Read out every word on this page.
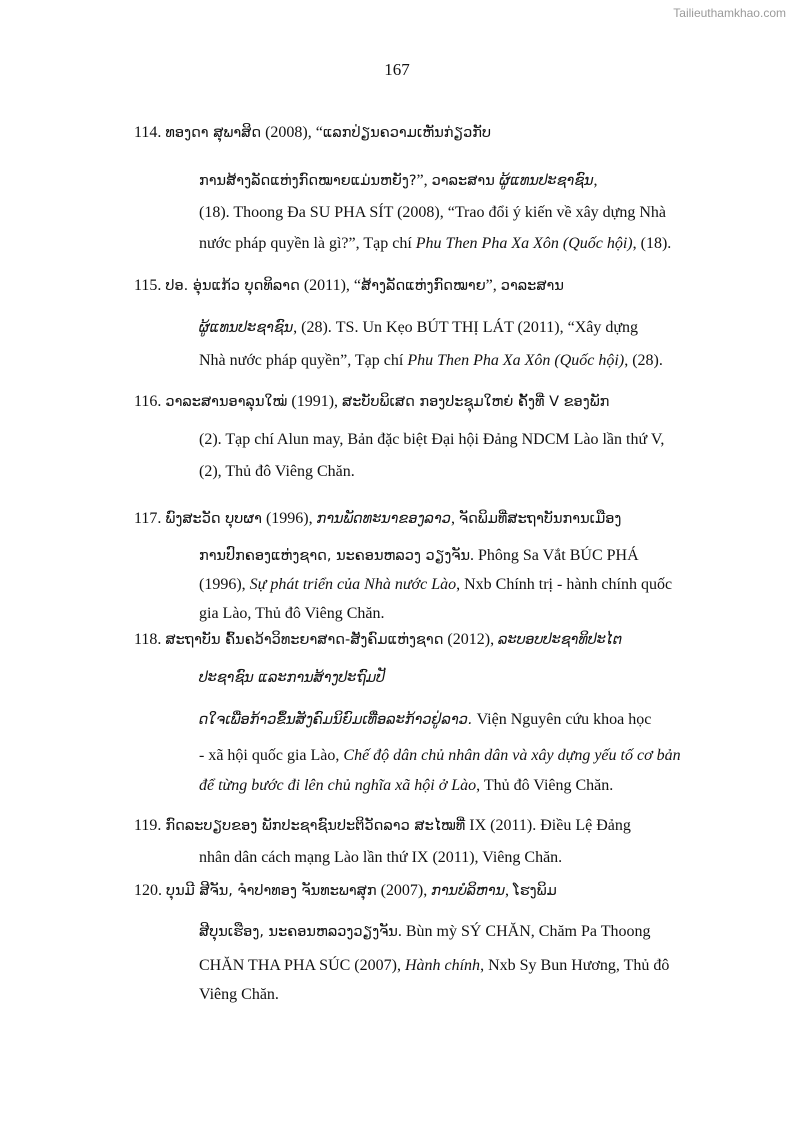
Tailieuthamkhao.com
167
114. ທອງດາ ສຸພາສິດ (2008), “ແລກປ່ຽນຄວາມເຫັນກ່ຽວກັບ
ການສ້າງລັດແຫ່ງກົດໝາຍແມ່ນຫຍັງ?”, ວາລະສານ ຜູ້ແທນປະຊາຊົນ,
(18). Thoong Đa SU PHA SÍT (2008), “Trao đổi ý kiến về xây dựng Nhà
nước pháp quyền là gì?”, Tạp chí Phu Then Pha Xa Xôn (Quốc hội), (18).
115. ປອ. ອຸ່ນແກ້ວ ບຸດທິລາດ (2011), “ສ້າງລັດແຫ່ງກົດໝາຍ”, ວາລະສານ
ຜູ້ແທນປະຊາຊົນ, (28). TS. Un Kẹo BÚT THỊ LÁT (2011), “Xây dựng
Nhà nước pháp quyền”, Tạp chí Phu Then Pha Xa Xôn (Quốc hội), (28).
116. ວາລະສານອາລຸນໃໝ່ (1991), ສະບັບພິເສດ ກອງປະຊຸມໃຫຍ່ ຄັ້ງທີ່ V ຂອງພັກ
(2). Tạp chí Alun may, Bản đặc biệt Đại hội Đảng NDCM Lào lần thứ V,
(2), Thủ đô Viêng Chăn.
117. ພົງສະວັດ ບຸບຜາ (1996), ການພັດທະນາຂອງລາວ, ຈັດພິມທີ່ສະຖາບັນການເມືອງ
ການປົກຄອງແຫ່ງຊາດ, ນະຄອນຫລວງ ວຽງຈັນ. Phông Sa Vắt BÚC PHÁ
(1996), Sự phát triển của Nhà nước Lào, Nxb Chính trị - hành chính quốc
gia Lào, Thủ đô Viêng Chăn.
118. ສະຖາບັນ ຄົ້ນຄວ້າວິທະຍາສາດ-ສັງຄົມແຫ່ງຊາດ (2012), ລະບອບປະຊາທິປະໄຕ
ປະຊາຊົນ ແລະການສ້າງປະຖົມປັ
ດໃຈເພື່ອກ້າວຂຶ້ນສັງຄົມນິຍົມເທື່ອລະກ້າວຢູ່ລາວ. Viện Nguyên cứu khoa học
- xã hội quốc gia Lào, Chế độ dân chủ nhân dân và xây dựng yếu tố cơ bản
để từng bước đi lên chủ nghĩa xã hội ở Lào, Thủ đô Viêng Chăn.
119. ກົດລະບຽບຂອງ ພັກປະຊາຊົນປະຕິວັດລາວ ສະໄໝທີ່ IX (2011). Điều Lệ Đảng
nhân dân cách mạng Lào lần thứ IX (2011), Viêng Chăn.
120. ບຸນມີ ສີຈັນ, ຈຳປາທອງ ຈັນທະພາສຸກ (2007), ການບໍລິຫານ, ໂຮງພິມ
ສີບຸນເຮືອງ, ນະຄອນຫລວງວຽງຈັນ. Bùn mỳ SÝ CHĂN, Chăm Pa Thoong
CHĂN THA PHA SÚC (2007), Hành chính, Nxb Sy Bun Hương, Thủ đô
Viêng Chăn.
